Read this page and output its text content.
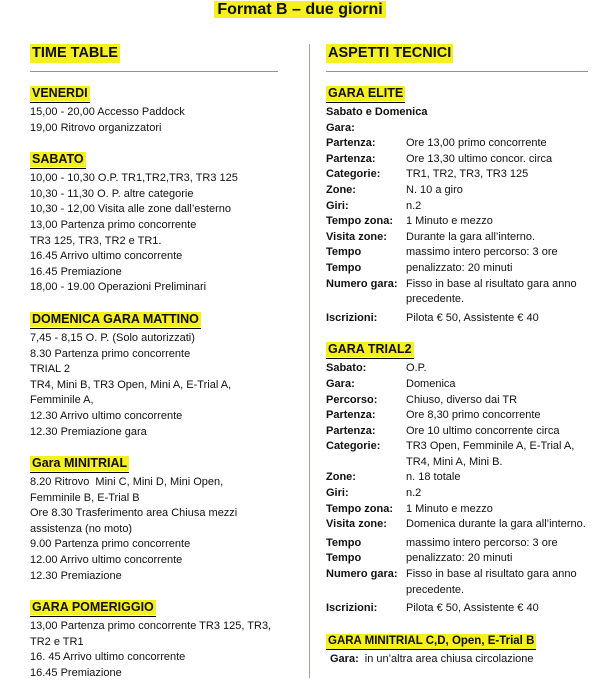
Format B – due giorni
TIME TABLE
VENERDI
15,00 - 20,00 Accesso Paddock
19,00 Ritrovo organizzatori
SABATO
10,00 - 10,30 O.P. TR1,TR2,TR3, TR3 125
10,30 - 11,30 O. P. altre categorie
10,30 - 12,00 Visita alle zone dall’esterno
13,00 Partenza primo concorrente
TR3 125, TR3, TR2 e TR1.
16.45 Arrivo ultimo concorrente
16.45 Premiazione
18,00 - 19.00 Operazioni Preliminari
DOMENICA GARA MATTINO
7,45 - 8,15 O. P. (Solo autorizzati)
8.30 Partenza primo concorrente
TRIAL 2
TR4, Mini B, TR3 Open, Mini A, E-Trial A,
Femminile A,
12.30 Arrivo ultimo concorrente
12.30 Premiazione gara
Gara MINITRIAL
8.20 Ritrovo  Mini C, Mini D, Mini Open,
Femminile B, E-Trial B
Ore 8.30 Trasferimento area Chiusa mezzi
assistenza (no moto)
9.00 Partenza primo concorrente
12.00 Arrivo ultimo concorrente
12.30 Premiazione
GARA POMERIGGIO
13,00 Partenza primo concorrente TR3 125, TR3,
TR2 e TR1
16. 45 Arrivo ultimo concorrente
16.45 Premiazione
ASPETTI TECNICI
GARA ELITE
Sabato e Domenica
Gara:
Partenza:	Ore 13,00 primo concorrente
Partenza:	Ore 13,30 ultimo concor. circa
Categorie:	TR1, TR2, TR3, TR3 125
Zone:	N. 10 a giro
Giri:	n.2
Tempo zona:	1 Minuto e mezzo
Visita zone:	Durante la gara all’interno.
Tempo	massimo intero percorso: 3 ore
Tempo	penalizzato: 20 minuti
Numero gara: Fisso in base al risultato gara anno precedente.
Iscrizioni:	Pilota € 50, Assistente € 40
GARA TRIAL2
Sabato:	O.P.
Gara:	Domenica
Percorso:	Chiuso, diverso dai TR
Partenza:	Ore 8,30 primo concorrente
Partenza:	Ore 10 ultimo concorrente circa
Categorie:	TR3 Open, Femminile A, E-Trial A, TR4, Mini A, Mini B.
Zone:	n. 18 totale
Giri:	n.2
Tempo zona:	1 Minuto e mezzo
Visita zone:	Domenica durante la gara all’interno.
Tempo	massimo intero percorso: 3 ore
Tempo	penalizzato: 20 minuti
Numero gara: Fisso in base al risultato gara anno precedente.
Iscrizioni:	Pilota € 50, Assistente € 40
GARA MINITRIAL C,D, Open, E-Trial B
Gara: in un’altra area chiusa circolazione
